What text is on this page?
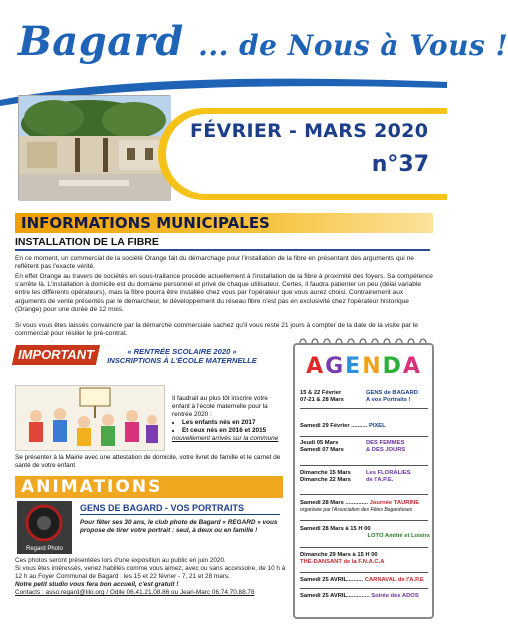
Bagard ... de Nous à Vous !
FÉVRIER - MARS 2020
n°37
INFORMATIONS MUNICIPALES
INSTALLATION DE LA FIBRE
En ce moment, un commercial de la société Orange fait du démarchage pour l'installation de la fibre en présentant des arguments qui ne reflètent pas l'exacte vérité.
En effet Orange au travers de sociétés en sous-traitance procède actuellement à l'installation de la fibre à proximité des foyers. Sa compétence s'arrête là. L'installation à domicile est du domaine personnel et privé de chaque utilisateur. Certes, il faudra patienter un peu (délai variable entre les différents opérateurs), mais la fibre pourra être installée chez vous par l'opérateur que vous aurez choisi. Contrairement aux arguments de vente présentés par le démarcheur, le développement du réseau fibre n'est pas en exclusivité chez l'opérateur historique (Orange) pour une durée de 12 mois.
Si vous vous êtes laissés convaincre par la démarche commerciale sachez qu'il vous reste 21 jours à compter de la date de la visite par le commercial pour résilier le pré-contrat.
IMPORTANT	« RENTRÉE SCOLAIRE 2020 »
INSCRIPTIONS À L'ÉCOLE MATERNELLE
Il faudrait au plus tôt inscrire votre enfant à l'école maternelle pour la rentrée 2020 :
• Les enfants nés en 2017
• Et ceux nés en 2016 et 2015
nouvellement arrivés sur la commune
Se présenter à la Mairie avec une attestation de domicile, votre livret de famille et le carnet de santé de votre enfant
ANIMATIONS
Regard Photo
GENS DE BAGARD - VOS PORTRAITS
Pour fêter ses 30 ans, le club photo de Bagard « REGARD » vous propose de tirer votre portrait : seul, à deux ou en famille !
Ces photos seront présentées lors d'une exposition au public en juin 2020.
Si vous êtes intéressés, venez habillés comme vous aimez, avec ou sans accessoire, de 10 h à 12 h au Foyer Communal de Bagard : les 15 et 22 février - 7, 21 et 28 mars.
Notre petit studio vous fera bon accueil, c'est gratuit !
Contacts : asso.regard@lilo.org / Odile 06.41.21.08.86 ou Jean-Marc 06.74.70.88.78
AGENDA
15 & 22 Février
07-21 & 28 Mars
GENS de BAGARD
A vos Portraits !
Samedi 29 Février .......... PIXEL
Jeudi 05 Mars
Samedi 07 Mars
DES FEMMES
& DES JOURS
Dimanche 15 Mars
Dimanche 22 Mars
Les FLORALIES
de l'A.P.E.
Samedi 28 Mars .............. Journée TAURINE
organisée par l'Association des Fêtes Bagardoises
Samedi 28 Mars à 15 H 00
LOTO Amitié et Loisirs
Dimanche 29 Mars à 15 H 00
THÉ-DANSANT de la F.N.A.C.A
Samedi 25 AVRIL.......... CARNAVAL de l'A.P.E
Samedi 25 AVRIL.............. Soirée des ADOS
